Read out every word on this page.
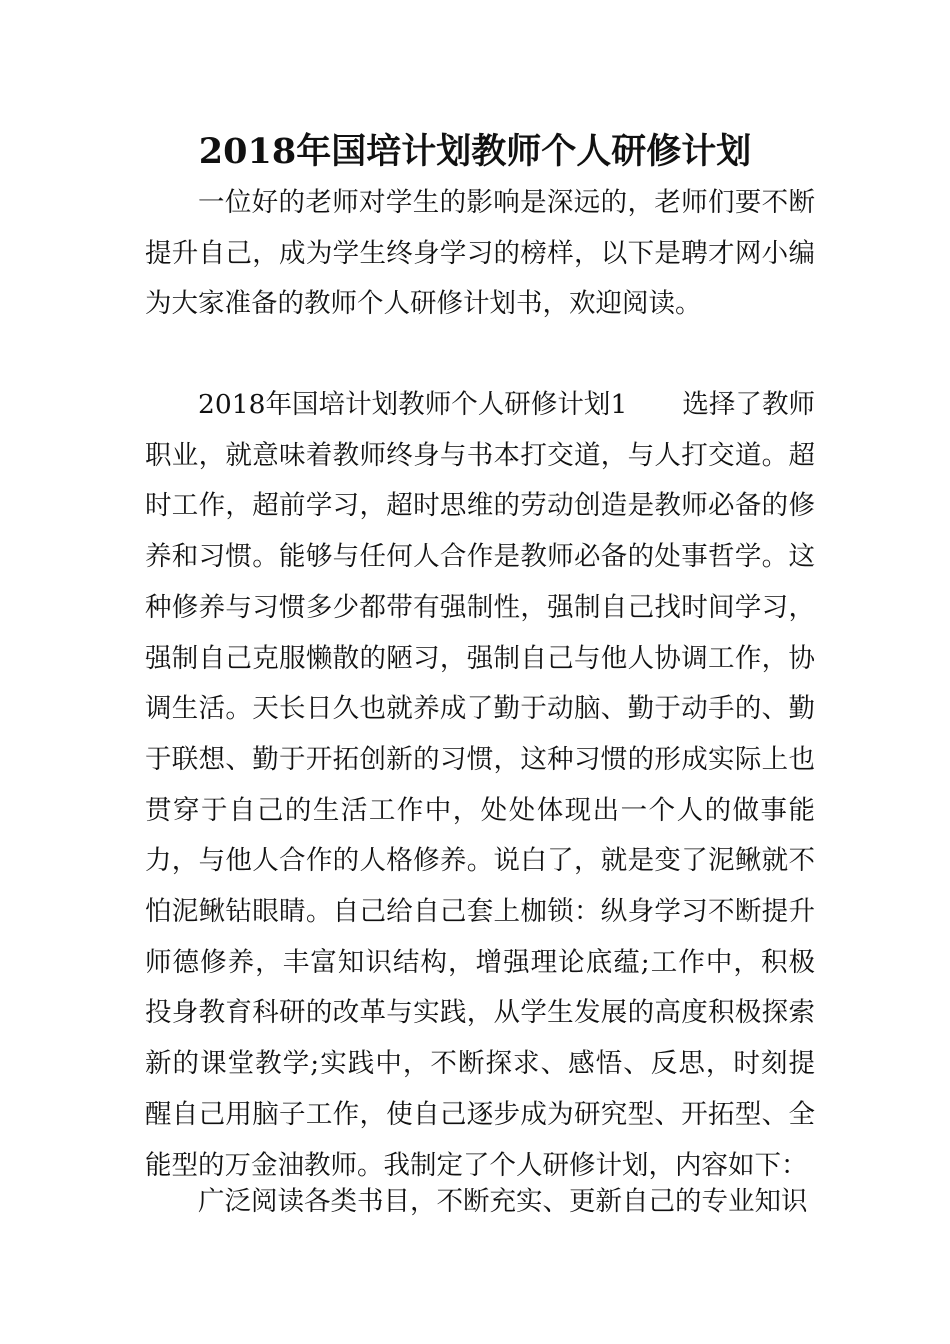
2018年国培计划教师个人研修计划
一位好的老师对学生的影响是深远的，老师们要不断提升自己，成为学生终身学习的榜样，以下是聘才网小编为大家准备的教师个人研修计划书，欢迎阅读。
2018年国培计划教师个人研修计划1 选择了教师职业，就意味着教师终身与书本打交道，与人打交道。超时工作，超前学习，超时思维的劳动创造是教师必备的修养和习惯。能够与任何人合作是教师必备的处事哲学。这种修养与习惯多少都带有强制性，强制自己找时间学习，强制自己克服懒散的陋习，强制自己与他人协调工作，协调生活。天长日久也就养成了勤于动脑、勤于动手的、勤于联想、勤于开拓创新的习惯，这种习惯的形成实际上也贯穿于自己的生活工作中，处处体现出一个人的做事能力，与他人合作的人格修养。说白了，就是变了泥鳅就不怕泥鳅钻眼睛。自己给自己套上枷锁：纵身学习不断提升师德修养，丰富知识结构，增强理论底蕴;工作中，积极投身教育科研的改革与实践，从学生发展的高度积极探索新的课堂教学;实践中，不断探求、感悟、反思，时刻提醒自己用脑子工作，使自己逐步成为研究型、开拓型、全能型的万金油教师。我制定了个人研修计划，内容如下：
广泛阅读各类书目，不断充实、更新自己的专业知识
